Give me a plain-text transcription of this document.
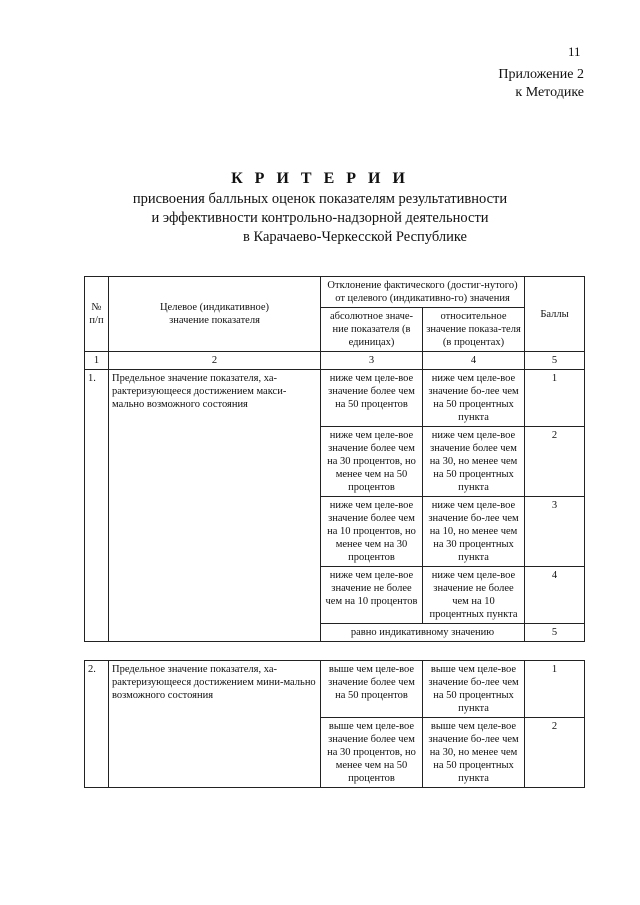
11
Приложение 2
к Методике
К Р И Т Е Р И И
присвоения балльных оценок показателям результативности
и эффективности контрольно-надзорной деятельности
в Карачаево-Черкесской Республике
№ п/п	Целевое (индикативное) значение показателя	Отклонение фактического (достиг-нутого) от целевого (индикативно-го) значения		Баллы
		абсолютное значе-ние показателя (в единицах)	относительное значение показа-теля (в процентах)	
1	2	3	4	5
1.	Предельное значение показателя, ха-рактеризующееся достижением макси-мально возможного состояния	ниже чем целе-вое значение более чем на 50 процентов	ниже чем целе-вое значение бо-лее чем на 50 процентных пункта	1
		ниже чем целе-вое значение более чем на 30 процентов, но менее чем на 50 процентов	ниже чем целе-вое значение более чем на 30, но менее чем на 50 процентных пункта	2
		ниже чем целе-вое значение более чем на 10 процентов, но менее чем на 30 процентов	ниже чем целе-вое значение бо-лее чем на 10, но менее чем на 30 процентных пункта	3
		ниже чем целе-вое значение не более чем на 10 процентов	ниже чем целе-вое значение не более чем на 10 процентных пункта	4
		равно индикативному значению		5

2.	Предельное значение показателя, ха-рактеризующееся достижением мини-мально возможного состояния	выше чем целе-вое значение более чем на 50 процентов	выше чем целе-вое значение бо-лее чем на 50 процентных пункта	1
		выше чем целе-вое значение более чем на 30 процентов, но менее чем на 50 процентов	выше чем целе-вое значение бо-лее чем на 30, но менее чем на 50 процентных пункта	2
